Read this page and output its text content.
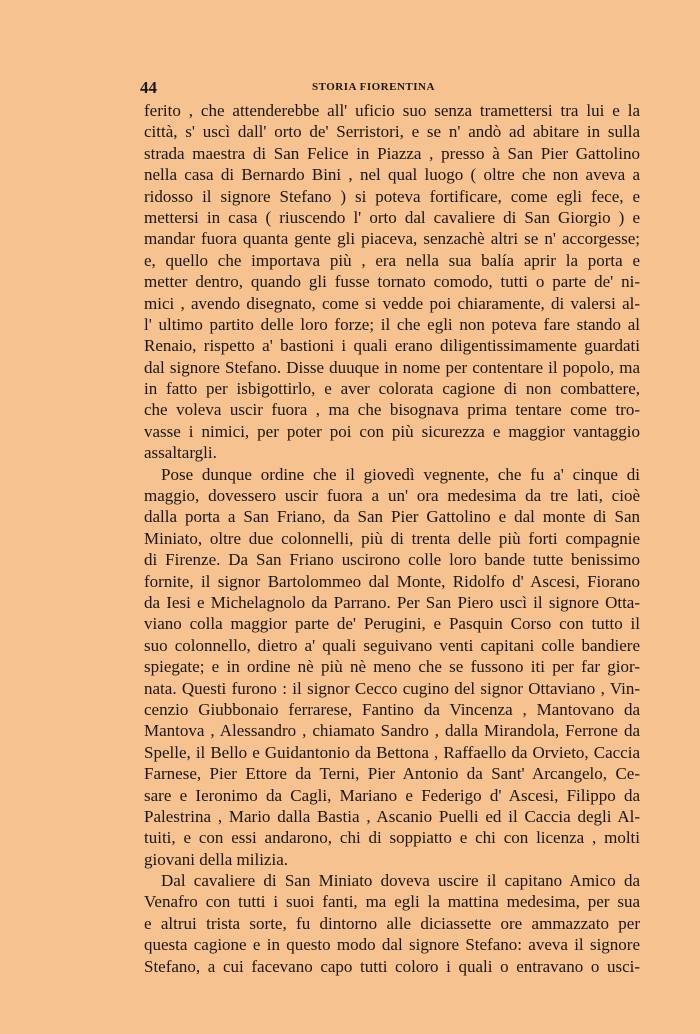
44	STORIA FIORENTINA
ferito , che attenderebbe all' uficio suo senza tramettersi tra lui e la
città, s' uscì dall' orto de' Serristori, e se n' andò ad abitare in sulla
strada maestra di San Felice in Piazza , presso à San Pier Gattolino
nella casa di Bernardo Bini , nel qual luogo ( oltre che non aveva a
ridosso il signore Stefano ) si poteva fortificare, come egli fece, e
mettersi in casa ( riuscendo l' orto dal cavaliere di San Giorgio ) e
mandar fuora quanta gente gli piaceva, senzachè altri se n' accorgesse;
e, quello che importava più , era nella sua balía aprir la porta e
metter dentro, quando gli fusse tornato comodo, tutti o parte de' ni-
mici , avendo disegnato, come si vedde poi chiaramente, di valersi al-
l' ultimo partito delle loro forze; il che egli non poteva fare stando al
Renaio, rispetto a' bastioni i quali erano diligentissimamente guardati
dal signore Stefano. Disse duuque in nome per contentare il popolo, ma
in fatto per isbigottirlo, e aver colorata cagione di non combattere,
che voleva uscir fuora , ma che bisognava prima tentare come tro-
vasse i nimici, per poter poi con più sicurezza e maggior vantaggio
assaltargli.
Pose dunque ordine che il giovedì vegnente, che fu a' cinque di
maggio, dovessero uscir fuora a un' ora medesima da tre lati, cioè
dalla porta a San Friano, da San Pier Gattolino e dal monte di San
Miniato, oltre due colonnelli, più di trenta delle più forti compagnie
di Firenze. Da San Friano uscirono colle loro bande tutte benissimo
fornite, il signor Bartolommeo dal Monte, Ridolfo d' Ascesi, Fiorano
da Iesi e Michelagnolo da Parrano. Per San Piero uscì il signore Otta-
viano colla maggior parte de' Perugini, e Pasquin Corso con tutto il
suo colonnello, dietro a' quali seguivano venti capitani colle bandiere
spiegate; e in ordine nè più nè meno che se fussono iti per far gior-
nata. Questi furono : il signor Cecco cugino del signor Ottaviano , Vin-
cenzio Giubbonaio ferrarese, Fantino da Vincenza , Mantovano da
Mantova , Alessandro , chiamato Sandro , dalla Mirandola, Ferrone da
Spelle, il Bello e Guidantonio da Bettona , Raffaello da Orvieto, Caccia
Farnese, Pier Ettore da Terni, Pier Antonio da Sant' Arcangelo, Ce-
sare e Ieronimo da Cagli, Mariano e Federigo d' Ascesi, Filippo da
Palestrina , Mario dalla Bastia , Ascanio Puelli ed il Caccia degli Al-
tuiti, e con essi andarono, chi di soppiatto e chi con licenza , molti
giovani della milizia.
Dal cavaliere di San Miniato doveva uscire il capitano Amico da
Venafro con tutti i suoi fanti, ma egli la mattina medesima, per sua
e altrui trista sorte, fu dintorno alle diciassette ore ammazzato per
questa cagione e in questo modo dal signore Stefano: aveva il signore
Stefano, a cui facevano capo tutti coloro i quali o entravano o usci-
